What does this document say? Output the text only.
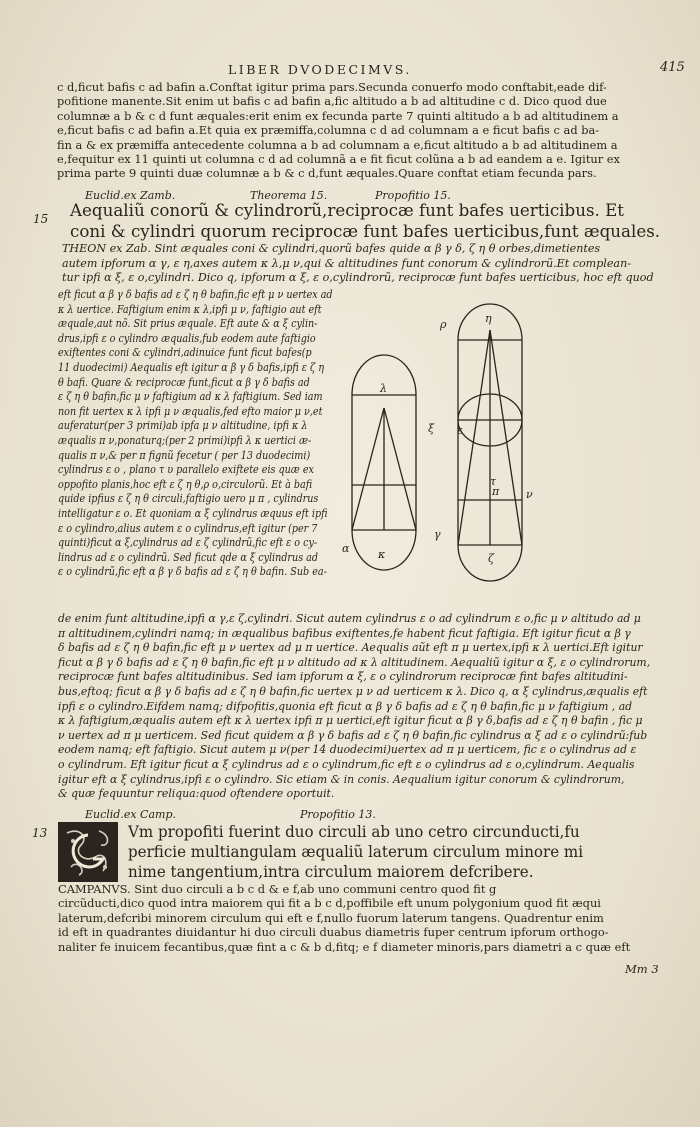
LIBER DVODECIMVS.	415
c d,ficut bafis c ad bafin a.Conftat igitur prima pars.Secunda conuerfo modo conftabit,eade dif-
pofitione manente.Sit enim ut bafis c ad bafin a,fic altitudo a b ad altitudine c d. Dico quod due
columnæ a b & c d funt æquales:erit enim ex fecunda parte 7 quinti altitudo a b ad altitudinem a
e,ficut bafis c ad bafin a.Et quia ex præmiffa,columna c d ad columnam a e ficut bafis c ad ba-
fin a & ex præmiffa antecedente columna a b ad columnam a e,ficut altitudo a b ad altitudinem a
e,fequitur ex 11 quinti ut columna c d ad columnã a e fit ficut colũna a b ad eandem a e. Igitur ex
prima parte 9 quinti duæ columnæ a b & c d,funt æquales.Quare conftat etiam fecunda pars.
Euclid.ex Zamb.	Theorema 15.	Propofitio 15.
15 Aequaliũ conorũ & cylindrorũ,reciprocæ funt bafes uerticibus. Et
coni & cylindri quorum reciprocæ funt bafes uerticibus,funt æquales.
THEON ex Zab. Sint æquales coni & cylindri,quorũ bafes quide α β γ δ, ζ η θ orbes,dimetientes
autem ipforum α γ, ε η,axes autem κ λ,μ ν,qui & altitudines funt conorum & cylindrorũ.Et complean-
tur ipfi α ξ, ε ο,cylindri. Dico q, ipforum α ξ, ε ο,cylindrorũ, reciprocæ funt bafes uerticibus, hoc eft quod
eft ficut α β γ δ bafis ad ε ζ η θ bafin,fic eft μ ν uertex ad
κ λ uertice. Faftigium enim κ λ,ipfi μ ν, faftigio aut eft
æquale,aut nõ. Sit prius æquale. Eft aute & α ξ cylin-
drus,ipfi ε ο cylindro æqualis,fub eodem aute faftigio
exiftentes coni & cylindri,adinuice funt ficut bafes(p
11 duodecimi) Aequalis eft igitur α β γ δ bafis,ipfi ε ζ η
θ bafi. Quare & reciprocæ funt,ficut α β γ δ bafis ad
ε ζ η θ bafin,fic μ ν faftigium ad κ λ faftigium. Sed iam
non fit uertex κ λ ipfi μ ν æqualis,fed efto maior μ ν,et
auferatur(per 3 primi)ab ipfa μ ν altitudine, ipfi κ λ
æqualis π ν,ponaturq;(per 2 primi)ipfi λ κ uertici æ-
qualis π ν,& per π fignũ fecetur ( per 13 duodecimi)
cylindrus ε ο , plano τ υ parallelo exiftete eis quæ ex
oppofito planis,hoc eft ε ζ η θ,ρ ο,circulorũ. Et à bafi
quide ipfius ε ζ η θ circuli,faftigio uero μ π , cylindrus
intelligatur ε ο. Et quoniam α ξ cylindrus æquus eft ipfi
ε ο cylindro,alius autem ε ο cylindrus,eft igitur (per 7
quinti)ficut α ξ,cylindrus ad ε ζ cylindrũ,fic eft ε ο cy-
lindrus ad ε ο cylindrũ. Sed ficut qde α ξ cylindrus ad
ε ο cylindrũ,fic eft α β γ δ bafis ad ε ζ η θ bafin. Sub ea-
λ
κ
ε
γ
α
η
ρ
ξ
π
τ
ν
ζ
de enim funt altitudine,ipfi α γ,ε ζ,cylindri. Sicut autem cylindrus ε ο ad cylindrum ε ο,fic μ ν altitudo ad μ
π altitudinem,cylindri namq; in æqualibus bafibus exiftentes,fe habent ficut faftigia. Eft igitur ficut α β γ
δ bafis ad ε ζ η θ bafin,fic eft μ ν uertex ad μ π uertice. Aequalis aũt eft π μ uertex,ipfi κ λ uertici.Eft igitur
ficut α β γ δ bafis ad ε ζ η θ bafin,fic eft μ ν altitudo ad κ λ altitudinem. Aequaliũ igitur α ξ, ε ο cylindrorum,
reciprocæ funt bafes altitudinibus. Sed iam ipforum α ξ, ε ο cylindrorum reciprocæ fint bafes altitudini-
bus,eftoq; ficut α β γ δ bafis ad ε ζ η θ bafin,fic uertex μ ν ad uerticem κ λ. Dico q, α ξ cylindrus,æqualis eft
ipfi ε ο cylindro.Eifdem namq; difpofitis,quonia eft ficut α β γ δ bafis ad ε ζ η θ bafin,fic μ ν faftigium , ad
κ λ faftigium,æqualis autem eft κ λ uertex ipfi π μ uertici,eft igitur ficut α β γ δ,bafis ad ε ζ η θ bafin , fic μ
ν uertex ad π μ uerticem. Sed ficut quidem α β γ δ bafis ad ε ζ η θ bafin,fic cylindrus α ξ ad ε ο cylindrũ:fub
eodem namq; eft faftigio. Sicut autem μ ν(per 14 duodecimi)uertex ad π μ uerticem, fic ε ο cylindrus ad ε
ο cylindrum. Eft igitur ficut α ξ cylindrus ad ε ο cylindrum,fic eft ε ο cylindrus ad ε ο,cylindrum. Aequalis
igitur eft α ξ cylindrus,ipfi ε ο cylindro. Sic etiam & in conis. Aequalium igitur conorum & cylindrorum,
& quæ fequuntur reliqua:quod oftendere oportuit.
Euclid.ex Camp.	Propofitio 13.
13	Vm propofiti fuerint duo circuli ab uno cetro circunducti,fu
perficie multiangulam æqualiũ laterum circulum minore mi
nime tangentium,intra circulum maiorem defcribere.
CAMPANVS. Sint duo circuli a b c d & e f,ab uno communi centro quod fit g
circũducti,dico quod intra maiorem qui fit a b c d,poffibile eft unum polygonium quod fit æqui
laterum,defcribi minorem circulum qui eft e f,nullo fuorum laterum tangens. Quadrentur enim
id eft in quadrantes diuidantur hi duo circuli duabus diametris fuper centrum ipforum orthogo-
naliter fe inuicem fecantibus,quæ fint a c & b d,fitq; e f diameter minoris,pars diametri a c quæ eft
Mm 3
